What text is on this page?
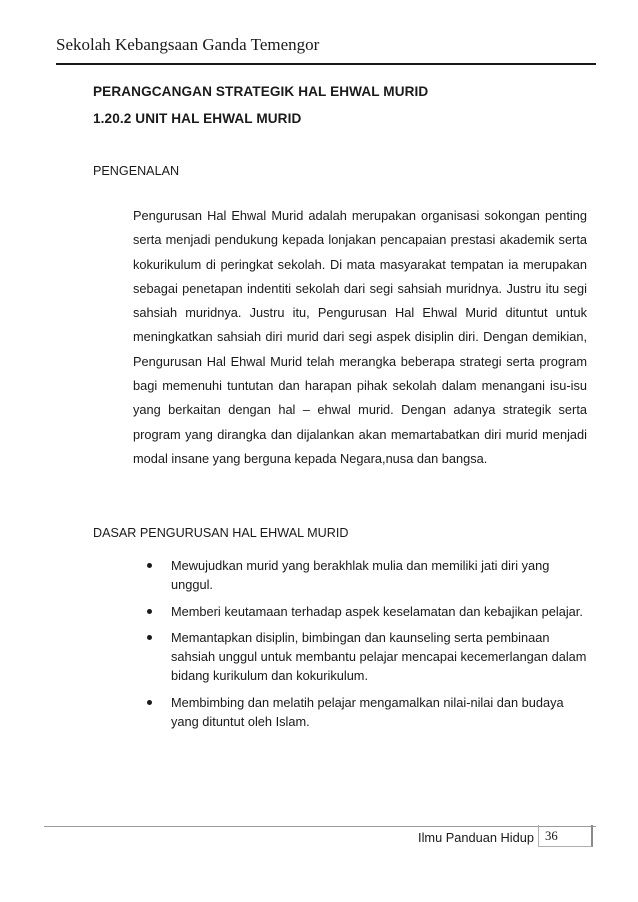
Sekolah Kebangsaan Ganda Temengor
PERANGCANGAN STRATEGIK HAL EHWAL MURID
1.20.2 UNIT HAL EHWAL MURID
PENGENALAN

Pengurusan Hal Ehwal Murid adalah merupakan organisasi sokongan penting serta menjadi pendukung kepada lonjakan pencapaian prestasi akademik serta kokurikulum di peringkat sekolah. Di mata masyarakat tempatan ia merupakan sebagai penetapan indentiti sekolah dari segi sahsiah muridnya. Justru itu segi sahsiah muridnya. Justru itu, Pengurusan Hal Ehwal Murid dituntut untuk meningkatkan sahsiah diri murid dari segi aspek disiplin diri. Dengan demikian, Pengurusan Hal Ehwal Murid telah merangka beberapa strategi serta program bagi memenuhi tuntutan dan harapan pihak sekolah dalam menangani isu-isu yang berkaitan dengan hal – ehwal murid. Dengan adanya strategik serta program yang dirangka dan dijalankan akan memartabatkan diri murid menjadi modal insane yang berguna kepada Negara,nusa dan bangsa.

DASAR PENGURUSAN HAL EHWAL MURID
Mewujudkan murid yang berakhlak mulia dan memiliki jati diri yang unggul.
Memberi keutamaan terhadap aspek keselamatan dan kebajikan pelajar.
Memantapkan disiplin, bimbingan dan kaunseling serta pembinaan sahsiah unggul untuk membantu pelajar mencapai kecemerlangan dalam bidang kurikulum dan kokurikulum.
Membimbing dan melatih pelajar mengamalkan nilai-nilai dan budaya yang dituntut oleh Islam.
Ilmu Panduan Hidup 36
